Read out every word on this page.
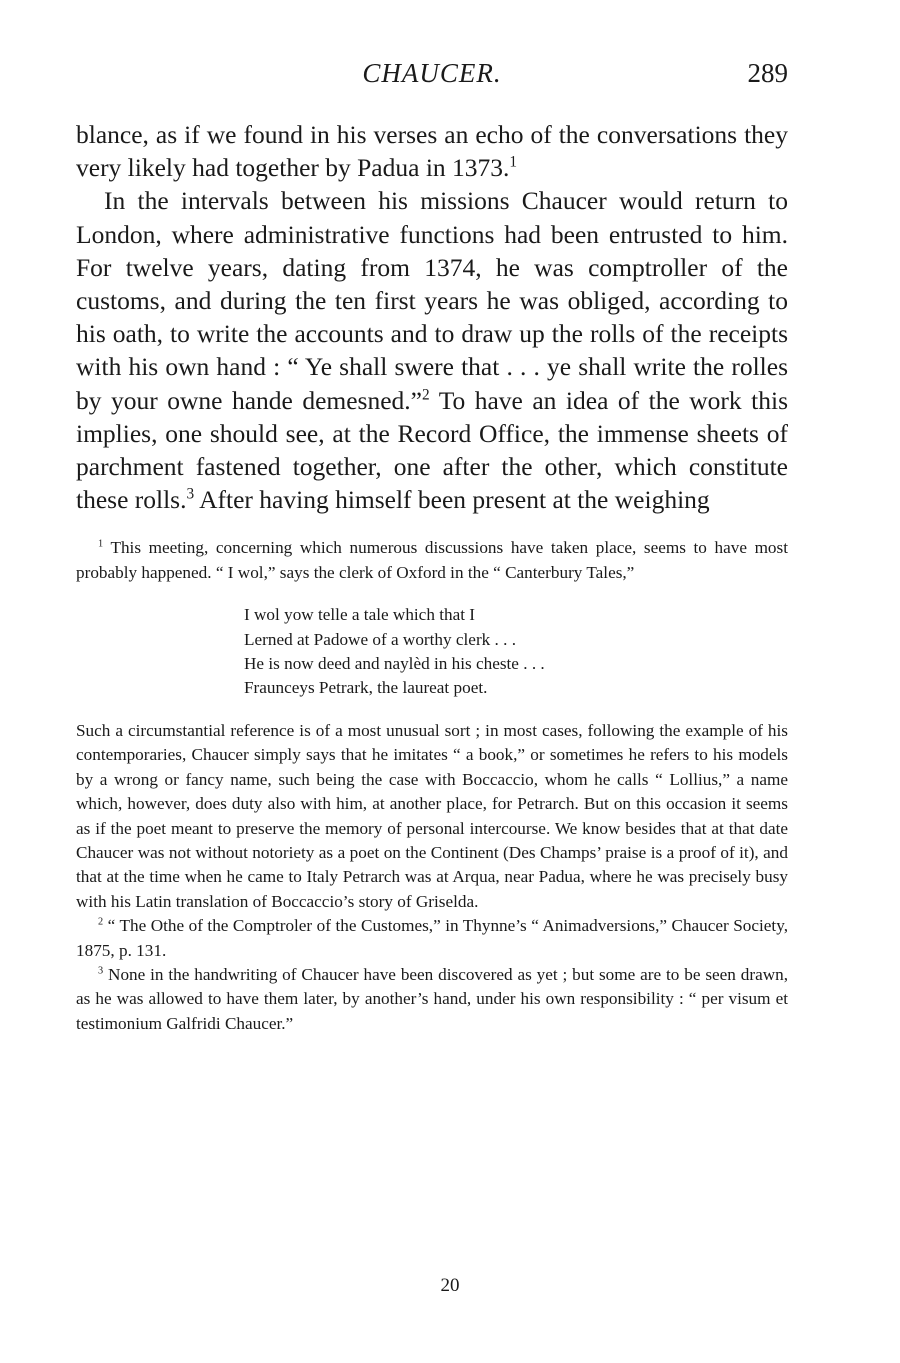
CHAUCER.	289

blance, as if we found in his verses an echo of the conversations they very likely had together by Padua in 1373.$^1$

In the intervals between his missions Chaucer would return to London, where administrative functions had been entrusted to him. For twelve years, dating from 1374, he was comptroller of the customs, and during the ten first years he was obliged, according to his oath, to write the accounts and to draw up the rolls of the receipts with his own hand : “ Ye shall swere that . . . ye shall write the rolles by your owne hande demesned.”$^2$ To have an idea of the work this implies, one should see, at the Record Office, the immense sheets of parchment fastened together, one after the other, which constitute these rolls.$^3$ After having himself been present at the weighing

$^1$ This meeting, concerning which numerous discussions have taken place, seems to have most probably happened. “ I wol,” says the clerk of Oxford in the “ Canterbury Tales,”

I wol yow telle a tale which that I
Lerned at Padowe of a worthy clerk . . .
He is now deed and naylèd in his cheste . . .
Fraunceys Petrark, the laureat poet.

Such a circumstantial reference is of a most unusual sort ; in most cases, following the example of his contemporaries, Chaucer simply says that he imitates “ a book,” or sometimes he refers to his models by a wrong or fancy name, such being the case with Boccaccio, whom he calls “ Lollius,” a name which, however, does duty also with him, at another place, for Petrarch. But on this occasion it seems as if the poet meant to preserve the memory of personal intercourse. We know besides that at that date Chaucer was not without notoriety as a poet on the Continent (Des Champs’ praise is a proof of it), and that at the time when he came to Italy Petrarch was at Arqua, near Padua, where he was precisely busy with his Latin translation of Boccaccio’s story of Griselda.

$^2$ “ The Othe of the Comptroler of the Customes,” in Thynne’s “ Animadversions,” Chaucer Society, 1875, p. 131.

$^3$ None in the handwriting of Chaucer have been discovered as yet ; but some are to be seen drawn, as he was allowed to have them later, by another’s hand, under his own responsibility : “ per visum et testimonium Galfridi Chaucer.”

20
